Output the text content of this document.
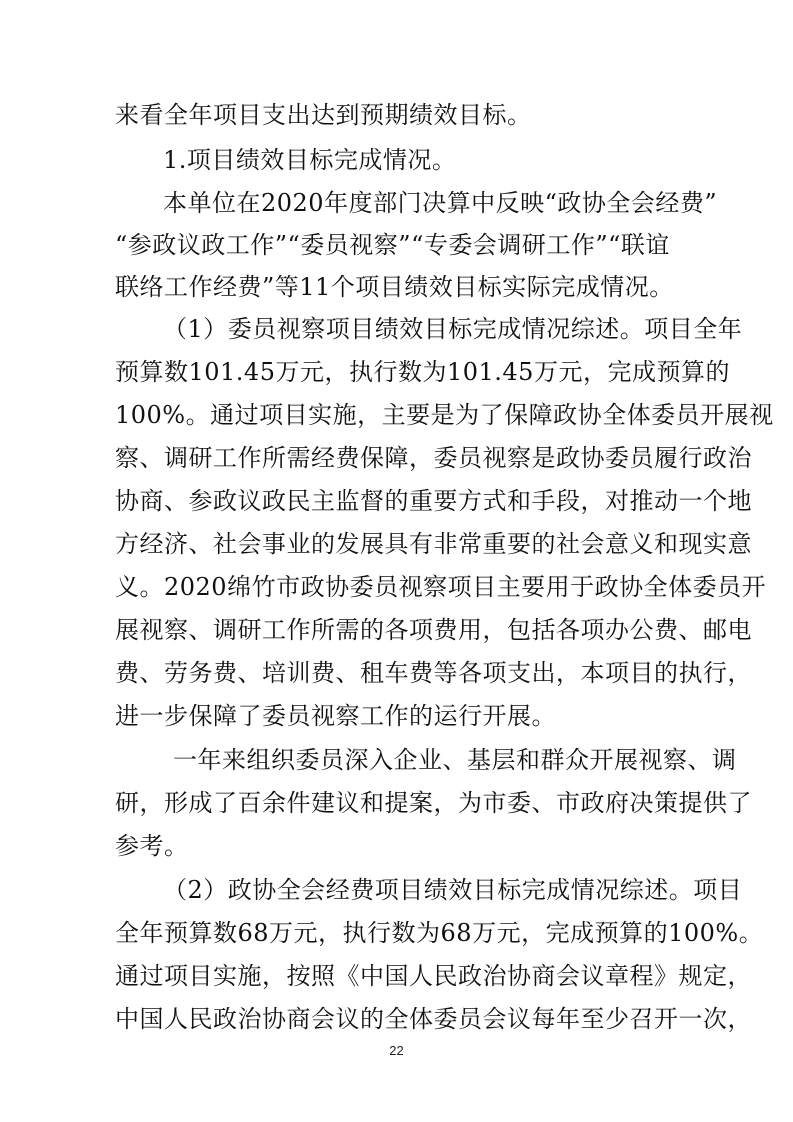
来看全年项目支出达到预期绩效目标。
1.项目绩效目标完成情况。
本单位在2020年度部门决算中反映“政协全会经费”
“参政议政工作”“委员视察”“专委会调研工作”“联谊
联络工作经费”等11个项目绩效目标实际完成情况。
（1）委员视察项目绩效目标完成情况综述。项目全年
预算数101.45万元，执行数为101.45万元，完成预算的
100%。通过项目实施，主要是为了保障政协全体委员开展视
察、调研工作所需经费保障，委员视察是政协委员履行政治
协商、参政议政民主监督的重要方式和手段，对推动一个地
方经济、社会事业的发展具有非常重要的社会意义和现实意
义。2020绵竹市政协委员视察项目主要用于政协全体委员开
展视察、调研工作所需的各项费用，包括各项办公费、邮电
费、劳务费、培训费、租车费等各项支出，本项目的执行，
进一步保障了委员视察工作的运行开展。
一年来组织委员深入企业、基层和群众开展视察、调
研，形成了百余件建议和提案，为市委、市政府决策提供了
参考。
（2）政协全会经费项目绩效目标完成情况综述。项目
全年预算数68万元，执行数为68万元，完成预算的100%。
通过项目实施，按照《中国人民政治协商会议章程》规定，
中国人民政治协商会议的全体委员会议每年至少召开一次，
22
